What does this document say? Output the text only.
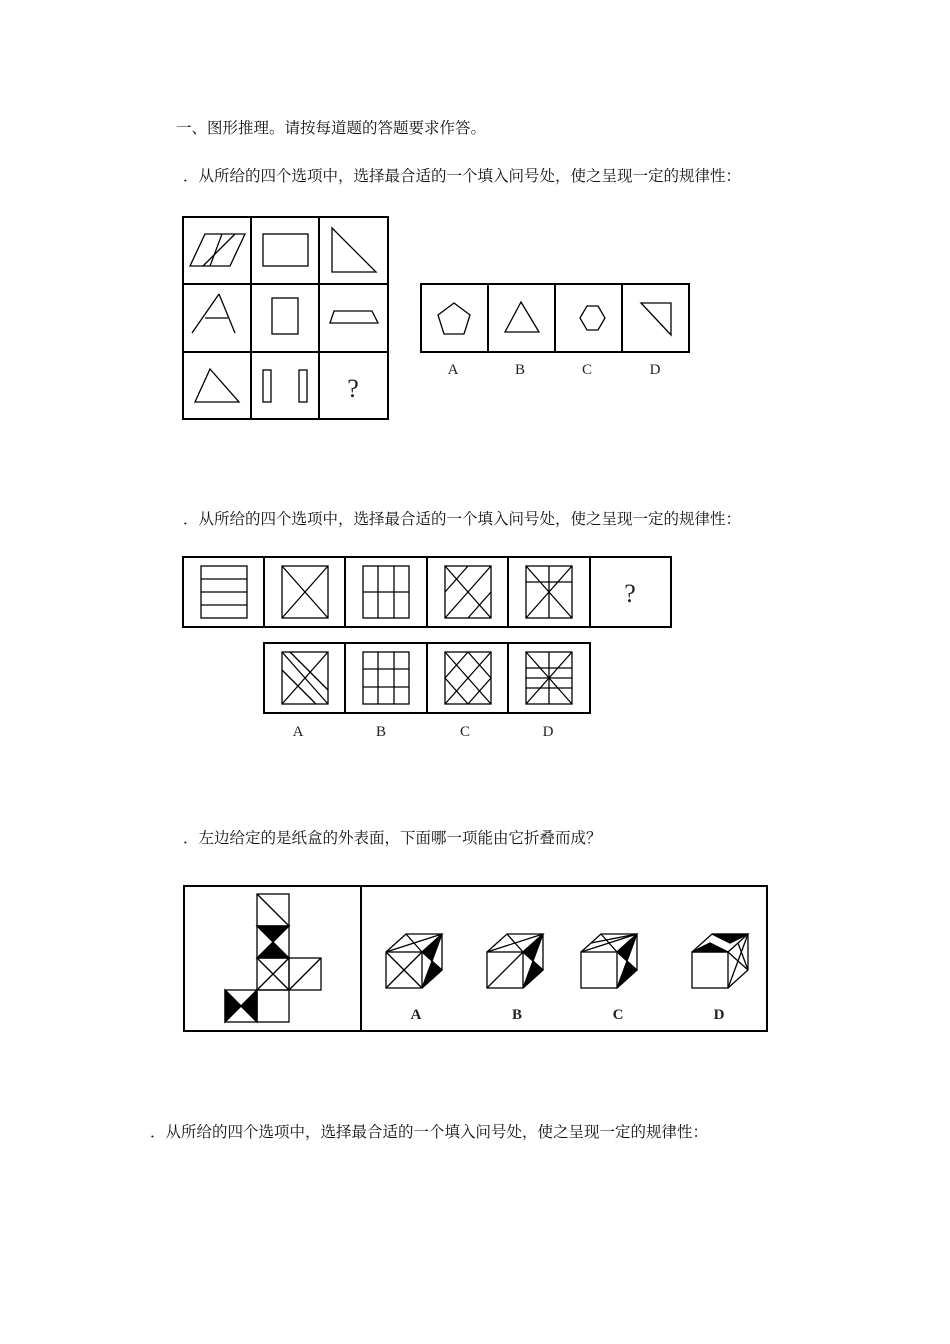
一、图形推理。请按每道题的答题要求作答。
．从所给的四个选项中，选择最合适的一个填入问号处，使之呈现一定的规律性：
．从所给的四个选项中，选择最合适的一个填入问号处，使之呈现一定的规律性：
．左边给定的是纸盒的外表面，下面哪一项能由它折叠而成？
．从所给的四个选项中，选择最合适的一个填入问号处，使之呈现一定的规律性：
?
A	B	C	D
?
A	B	C	D
A	B	C	D
